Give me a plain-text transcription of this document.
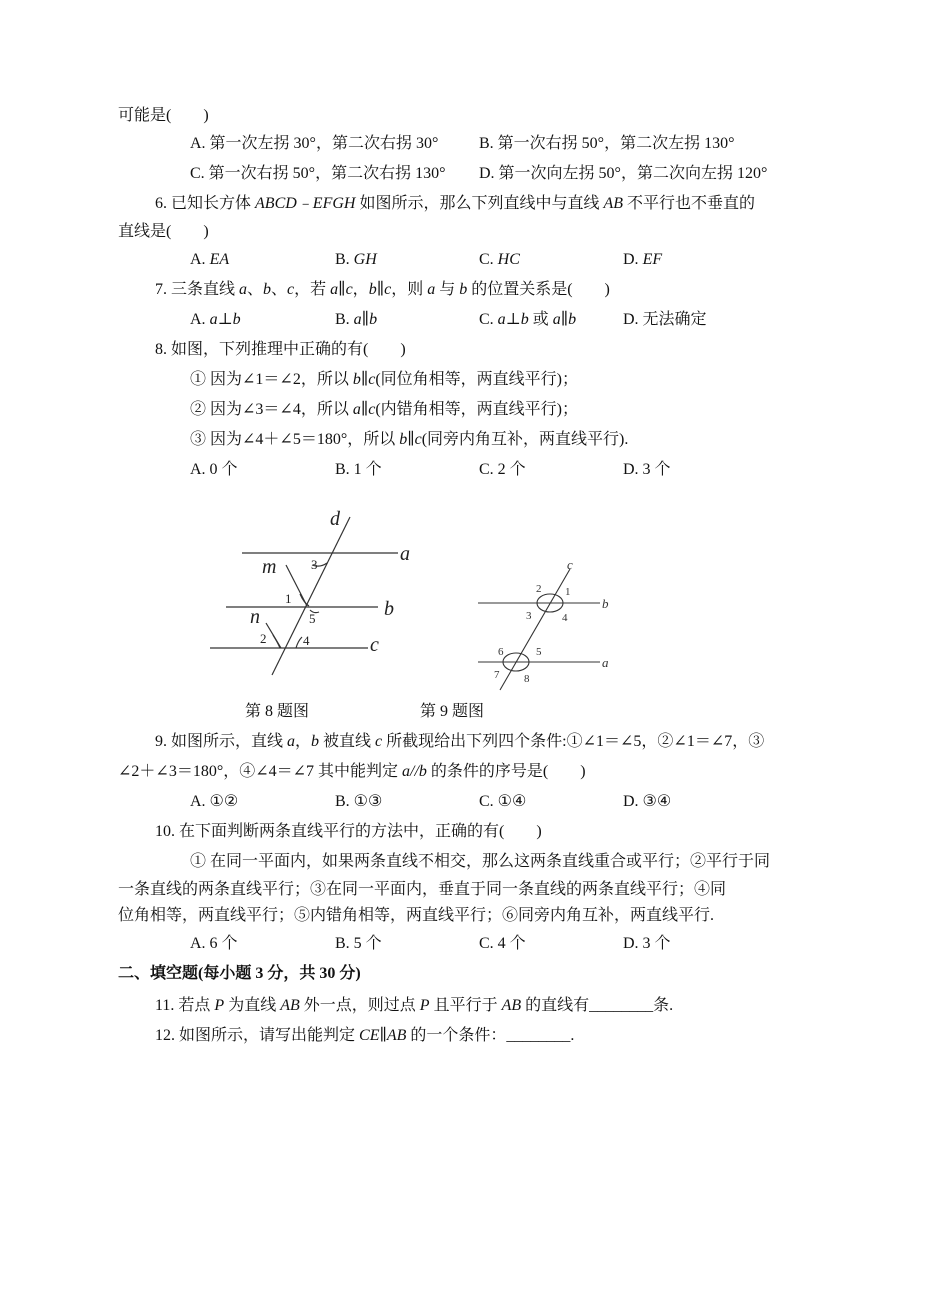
可能是(　　)
A. 第一次左拐 30°，第二次右拐 30°	B. 第一次右拐 50°，第二次左拐 130°
C. 第一次右拐 50°，第二次右拐 130° D. 第一次向左拐 50°，第二次向左拐 120°
6. 已知长方体 ABCD﹣EFGH 如图所示，那么下列直线中与直线 AB 不平行也不垂直的
直线是(　　)
A. EA	B. GH	C. HC	D. EF
7. 三条直线 a、b、c，若 a∥c，b∥c，则 a 与 b 的位置关系是(　　)
A. a⊥b	B. a∥b	C. a⊥b 或 a∥b	D. 无法确定
8. 如图，下列推理中正确的有(　　)
① 因为∠1＝∠2，所以 b∥c(同位角相等，两直线平行)；
② 因为∠3＝∠4，所以 a∥c(内错角相等，两直线平行)；
③ 因为∠4＋∠5＝180°，所以 b∥c(同旁内角互补，两直线平行).
A. 0 个	B. 1 个	C. 2 个	D. 3 个
d
a
m
b
n
c
3
1
5
2	4
c
b
a
2 1
3	4
6	5
7 8
第 8 题图	第 9 题图
9. 如图所示，直线 a，b 被直线 c 所截现给出下列四个条件:①∠1＝∠5，②∠1＝∠7，③
∠2＋∠3＝180°，④∠4＝∠7 其中能判定 a//b 的条件的序号是(　　)
A. ①②	B. ①③	C. ①④	D. ③④
10. 在下面判断两条直线平行的方法中，正确的有(　　)
① 在同一平面内，如果两条直线不相交，那么这两条直线重合或平行；②平行于同
一条直线的两条直线平行；③在同一平面内，垂直于同一条直线的两条直线平行；④同
位角相等，两直线平行；⑤内错角相等，两直线平行；⑥同旁内角互补，两直线平行.
A. 6 个	B. 5 个	C. 4 个	D. 3 个
二、填空题(每小题 3 分，共 30 分)
11. 若点 P 为直线 AB 外一点，则过点 P 且平行于 AB 的直线有________条.
12. 如图所示，请写出能判定 CE∥AB 的一个条件：________.
